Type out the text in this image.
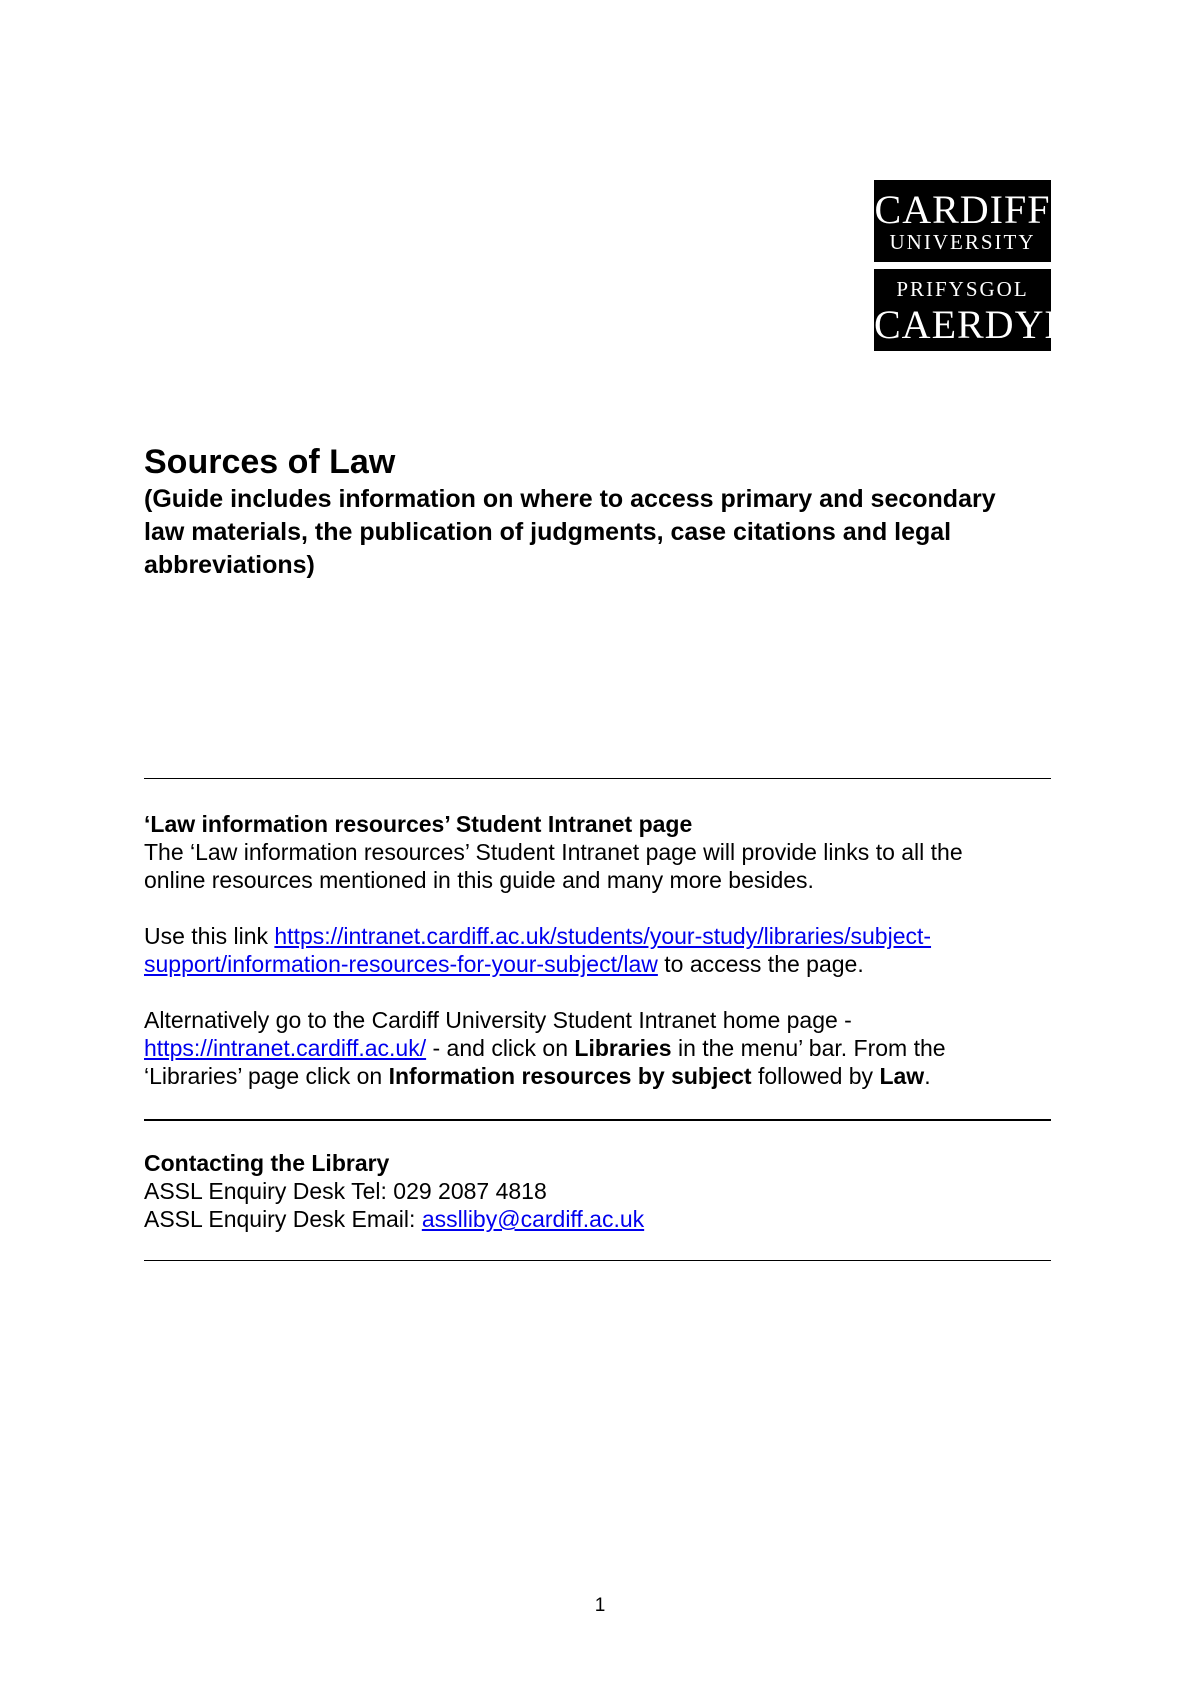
CARDIFF
UNIVERSITY
PRIFYSGOL
CAERDYDD
Sources of Law
(Guide includes information on where to access primary and secondary
law materials, the publication of judgments, case citations and legal
abbreviations)
‘Law information resources’ Student Intranet page
The ‘Law information resources’ Student Intranet page will provide links to all the
online resources mentioned in this guide and many more besides.
Use this link https://intranet.cardiff.ac.uk/students/your-study/libraries/subject-
support/information-resources-for-your-subject/law to access the page.
Alternatively go to the Cardiff University Student Intranet home page -
https://intranet.cardiff.ac.uk/ - and click on Libraries in the menu’ bar. From the
‘Libraries’ page click on Information resources by subject followed by Law.
Contacting the Library
ASSL Enquiry Desk Tel: 029 2087 4818
ASSL Enquiry Desk Email: asslliby@cardiff.ac.uk
1
